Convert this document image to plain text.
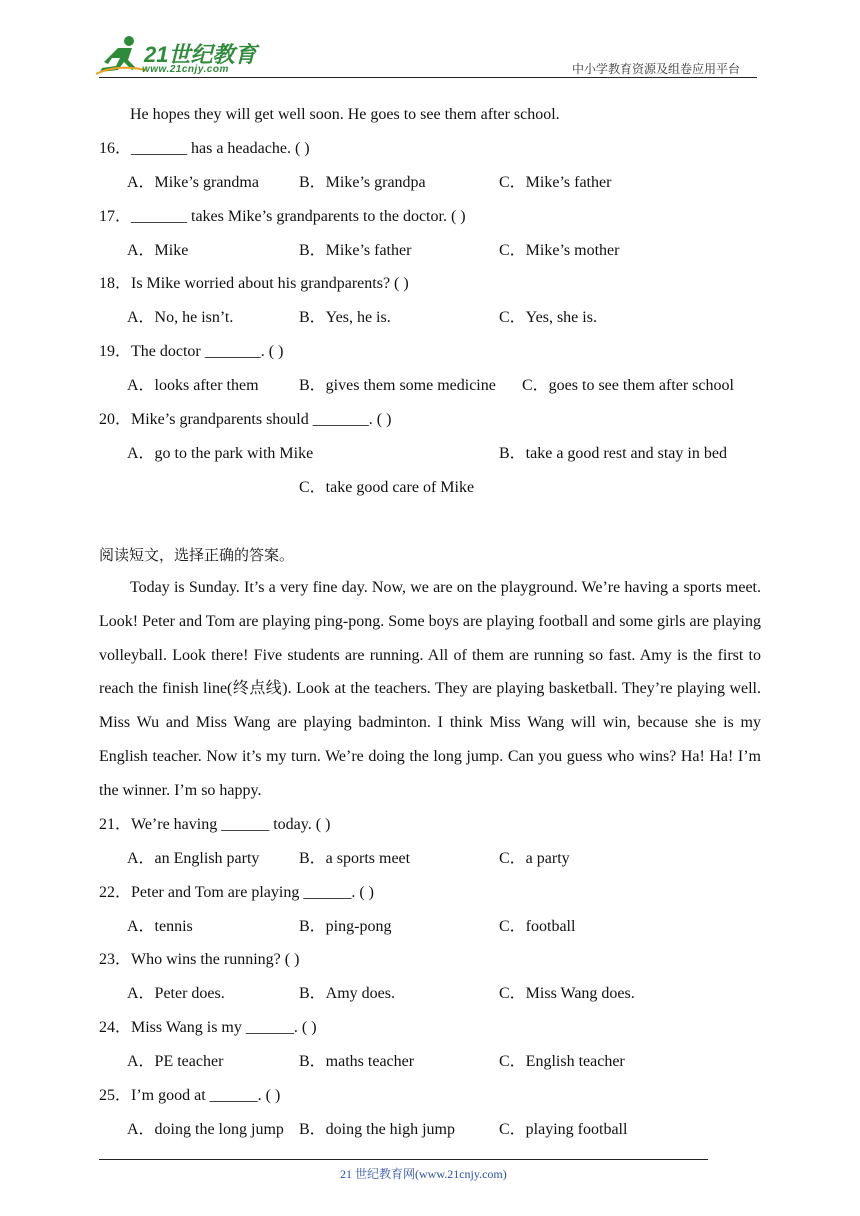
21世纪教育
www.21cnjy.com	中小学教育资源及组卷应用平台
He hopes they will get well soon. He goes to see them after school.
16．_______ has a headache. ( )
A．Mike’s grandma	B．Mike’s grandpa	C．Mike’s father
17．_______ takes Mike’s grandparents to the doctor. ( )
A．Mike	B．Mike’s father	C．Mike’s mother
18．Is Mike worried about his grandparents? ( )
A．No, he isn’t.	B．Yes, he is.	C．Yes, she is.
19．The doctor _______. ( )
A．looks after them	B．gives them some medicine C．goes to see them after school
20．Mike’s grandparents should _______. ( )
A．go to the park with Mike	B．take a good rest and stay in bed
C．take good care of Mike
阅读短文，选择正确的答案。
Today is Sunday. It’s a very fine day. Now, we are on the playground. We’re having a sports meet. Look! Peter and Tom are playing ping-pong. Some boys are playing football and some girls are playing volleyball. Look there! Five students are running. All of them are running so fast. Amy is the first to reach the finish line(终点线). Look at the teachers. They are playing basketball. They’re playing well. Miss Wu and Miss Wang are playing badminton. I think Miss Wang will win, because she is my English teacher. Now it’s my turn. We’re doing the long jump. Can you guess who wins? Ha! Ha! I’m the winner. I’m so happy.
21．We’re having ______ today. ( )
A．an English party B．a sports meet	C．a party
22．Peter and Tom are playing ______. ( )
A．tennis	B．ping-pong	C．football
23．Who wins the running? ( )
A．Peter does.	B．Amy does.	C．Miss Wang does.
24．Miss Wang is my ______. ( )
A．PE teacher	B．maths teacher	C．English teacher
25．I’m good at ______. ( )
A．doing the long jump B．doing the high jump	C．playing football
21 世纪教育网(www.21cnjy.com)
